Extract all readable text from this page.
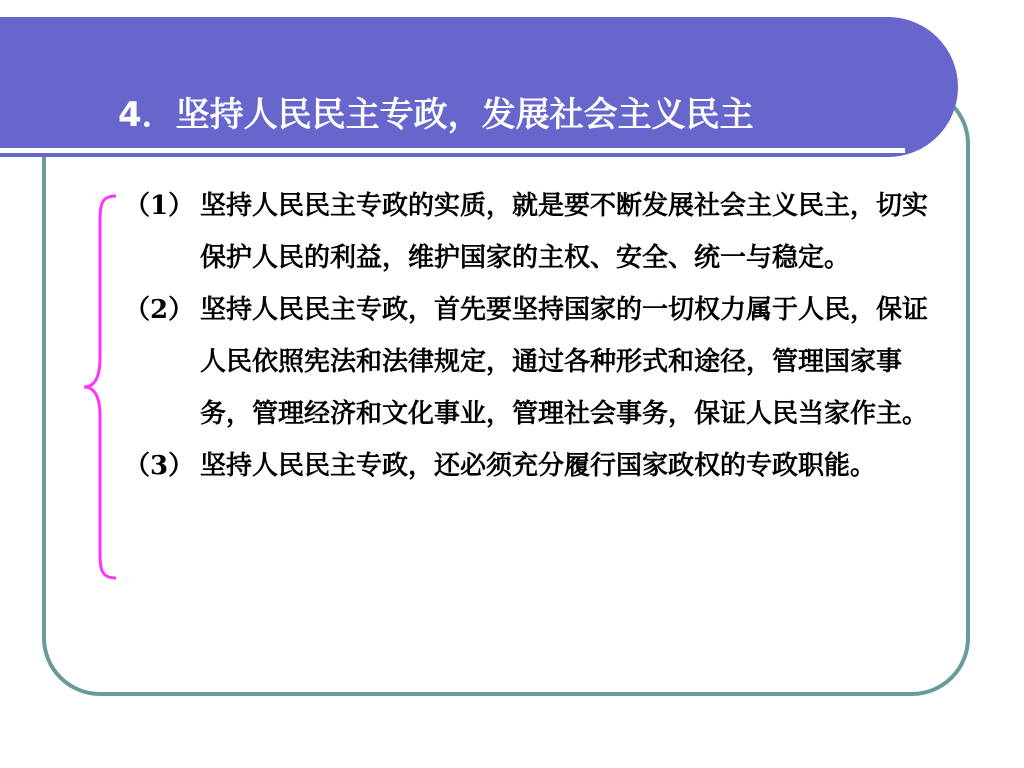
4．坚持人民民主专政，发展社会主义民主
（1） 坚持人民民主专政的实质，就是要不断发展社会主义民主，切实保护人民的利益，维护国家的主权、安全、统一与稳定。
（2） 坚持人民民主专政，首先要坚持国家的一切权力属于人民，保证人民依照宪法和法律规定，通过各种形式和途径，管理国家事务，管理经济和文化事业，管理社会事务，保证人民当家作主。
（3） 坚持人民民主专政，还必须充分履行国家政权的专政职能。
